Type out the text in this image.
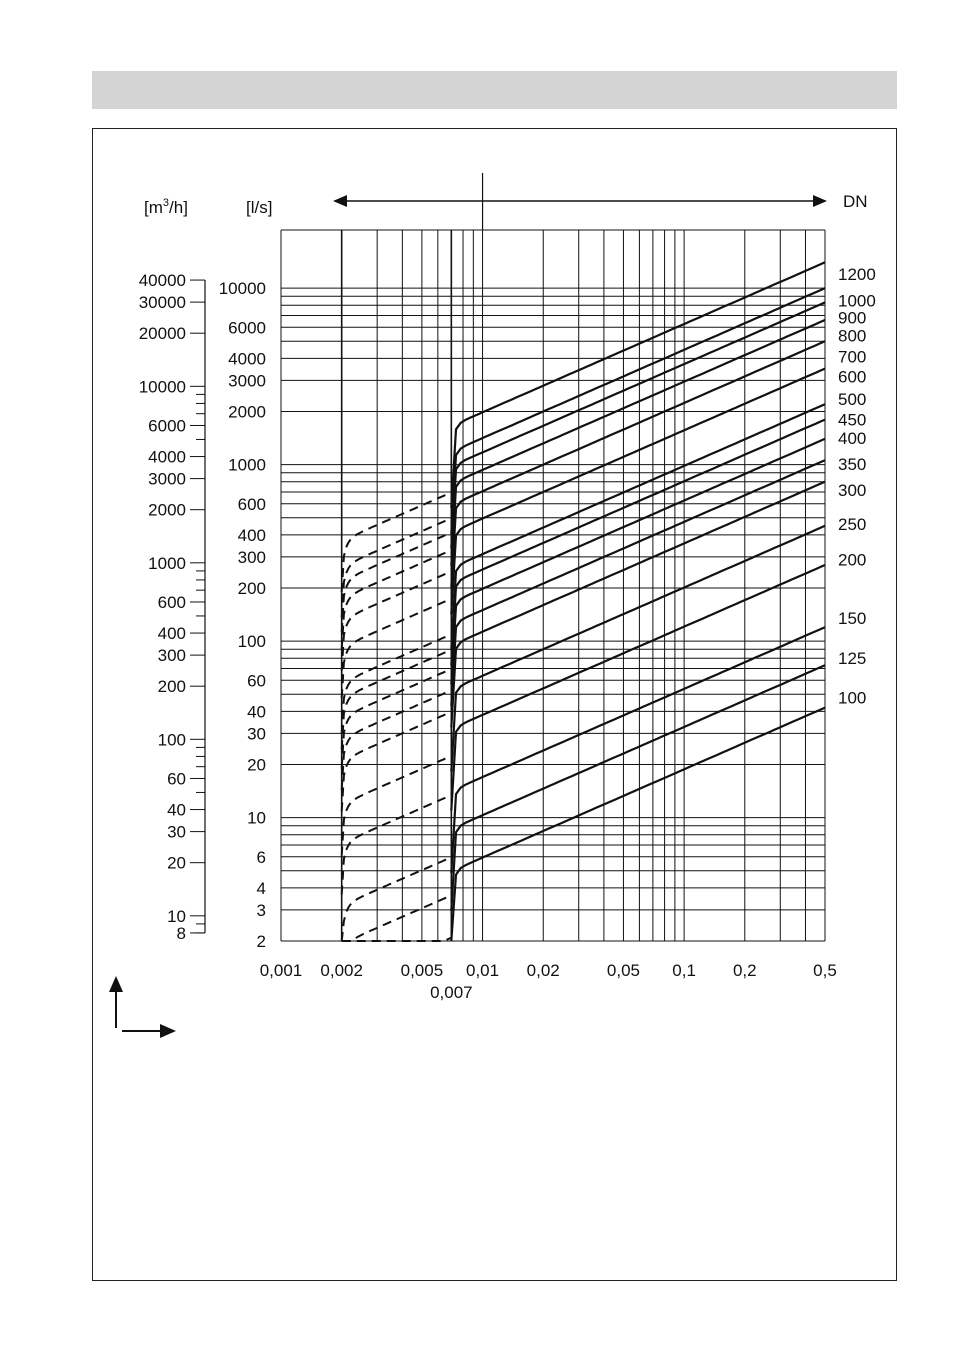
0,001 0,002 0,005 0,01 0,02	0,05 0,1 0,2	0,5
0,007
2
3
4
6
10
20
30
40
60
100
200
300
400
600
1000
2000
3000
4000
6000
10000
[l/s]
8
10
20
30
40
60
100
200
300
400
600
1000
2000
3000
4000
6000
10000
20000
30000
40000
$[m^3/h]$	DN
1200
1000
900
800
700
600
500
450
400
350
300
250
200
150
125
100
